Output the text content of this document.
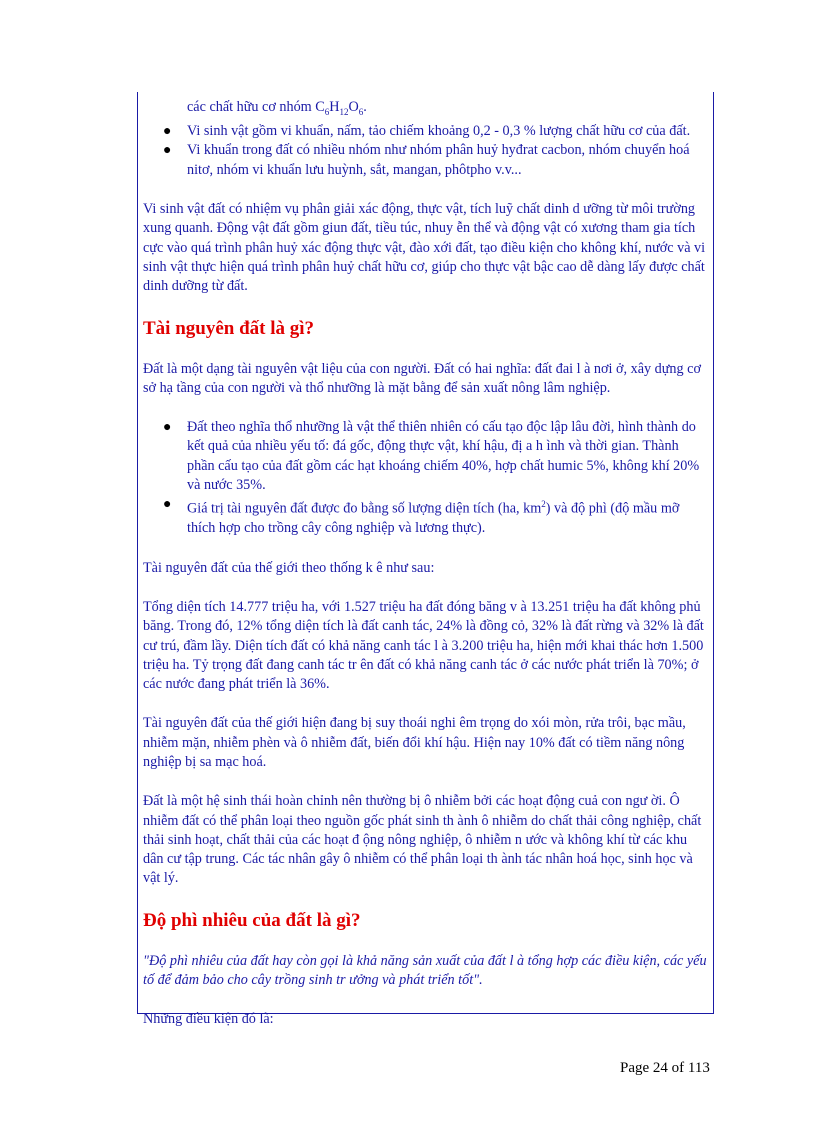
các chất hữu cơ nhóm $C_6H_{12}O_6$.

● Vi sinh vật gồm vi khuẩn, nấm, tảo chiếm khoảng 0,2 - 0,3 % lượng chất hữu cơ của đất.
● Vi khuẩn trong đất có nhiều nhóm như nhóm phân huỷ hyđrat cacbon, nhóm chuyển hoá nitơ, nhóm vi khuẩn lưu huỳnh, sắt, mangan, phôtpho v.v...

Vi sinh vật đất có nhiệm vụ phân giải xác động, thực vật, tích luỹ chất dinh d ưỡng từ môi trường xung quanh. Động vật đất gồm giun đất, tiều túc, nhuy ễn thể và động vật có xương tham gia tích cực vào quá trình phân huỷ xác động thực vật, đào xới đất, tạo điều kiện cho không khí, nước và vi sinh vật thực hiện quá trình phân huỷ chất hữu cơ, giúp cho thực vật bậc cao dễ dàng lấy được chất dinh dưỡng từ đất.

Tài nguyên đất là gì?

Đất là một dạng tài nguyên vật liệu của con người. Đất có hai nghĩa: đất đai l à nơi ở, xây dựng cơ sở hạ tầng của con người và thổ nhưỡng là mặt bằng để sản xuất nông lâm nghiệp.

● Đất theo nghĩa thổ nhưỡng là vật thể thiên nhiên có cấu tạo độc lập lâu đời, hình thành do kết quả của nhiều yếu tố: đá gốc, động thực vật, khí hậu, đị a h ình và thời gian. Thành phần cấu tạo của đất gồm các hạt khoáng chiếm 40%, hợp chất humic 5%, không khí 20% và nước 35%.
● Giá trị tài nguyên đất được đo bằng số lượng diện tích (ha, $km^2$) và độ phì (độ mầu mỡ thích hợp cho trồng cây công nghiệp và lương thực).

Tài nguyên đất của thế giới theo thống k ê như sau:

Tổng diện tích 14.777 triệu ha, với 1.527 triệu ha đất đóng băng v à 13.251 triệu ha đất không phủ băng. Trong đó, 12% tổng diện tích là đất canh tác, 24% là đồng cỏ, 32% là đất rừng và 32% là đất cư trú, đầm lầy. Diện tích đất có khả năng canh tác l à 3.200 triệu ha, hiện mới khai thác hơn 1.500 triệu ha. Tỷ trọng đất đang canh tác tr ên đất có khả năng canh tác ở các nước phát triển là 70%; ở các nước đang phát triển là 36%.

Tài nguyên đất của thế giới hiện đang bị suy thoái nghi êm trọng do xói mòn, rửa trôi, bạc mầu, nhiễm mặn, nhiễm phèn và ô nhiễm đất, biến đổi khí hậu. Hiện nay 10% đất có tiềm năng nông nghiệp bị sa mạc hoá.

Đất là một hệ sinh thái hoàn chỉnh nên thường bị ô nhiễm bởi các hoạt động cuả con ngư ời. Ô nhiễm đất có thể phân loại theo nguồn gốc phát sinh th ành ô nhiễm do chất thải công nghiệp, chất thải sinh hoạt, chất thải của các hoạt đ ộng nông nghiệp, ô nhiễm n ước và không khí từ các khu dân cư tập trung. Các tác nhân gây ô nhiễm có thể phân loại th ành tác nhân hoá học, sinh học và vật lý.

Độ phì nhiêu của đất là gì?

"Độ phì nhiêu của đất hay còn gọi là khả năng sản xuất của đất l à tổng hợp các điều kiện, các yếu tố để đảm bảo cho cây trồng sinh tr ưởng và phát triển tốt".

Những điều kiện đó là:

Page 24 of 113
